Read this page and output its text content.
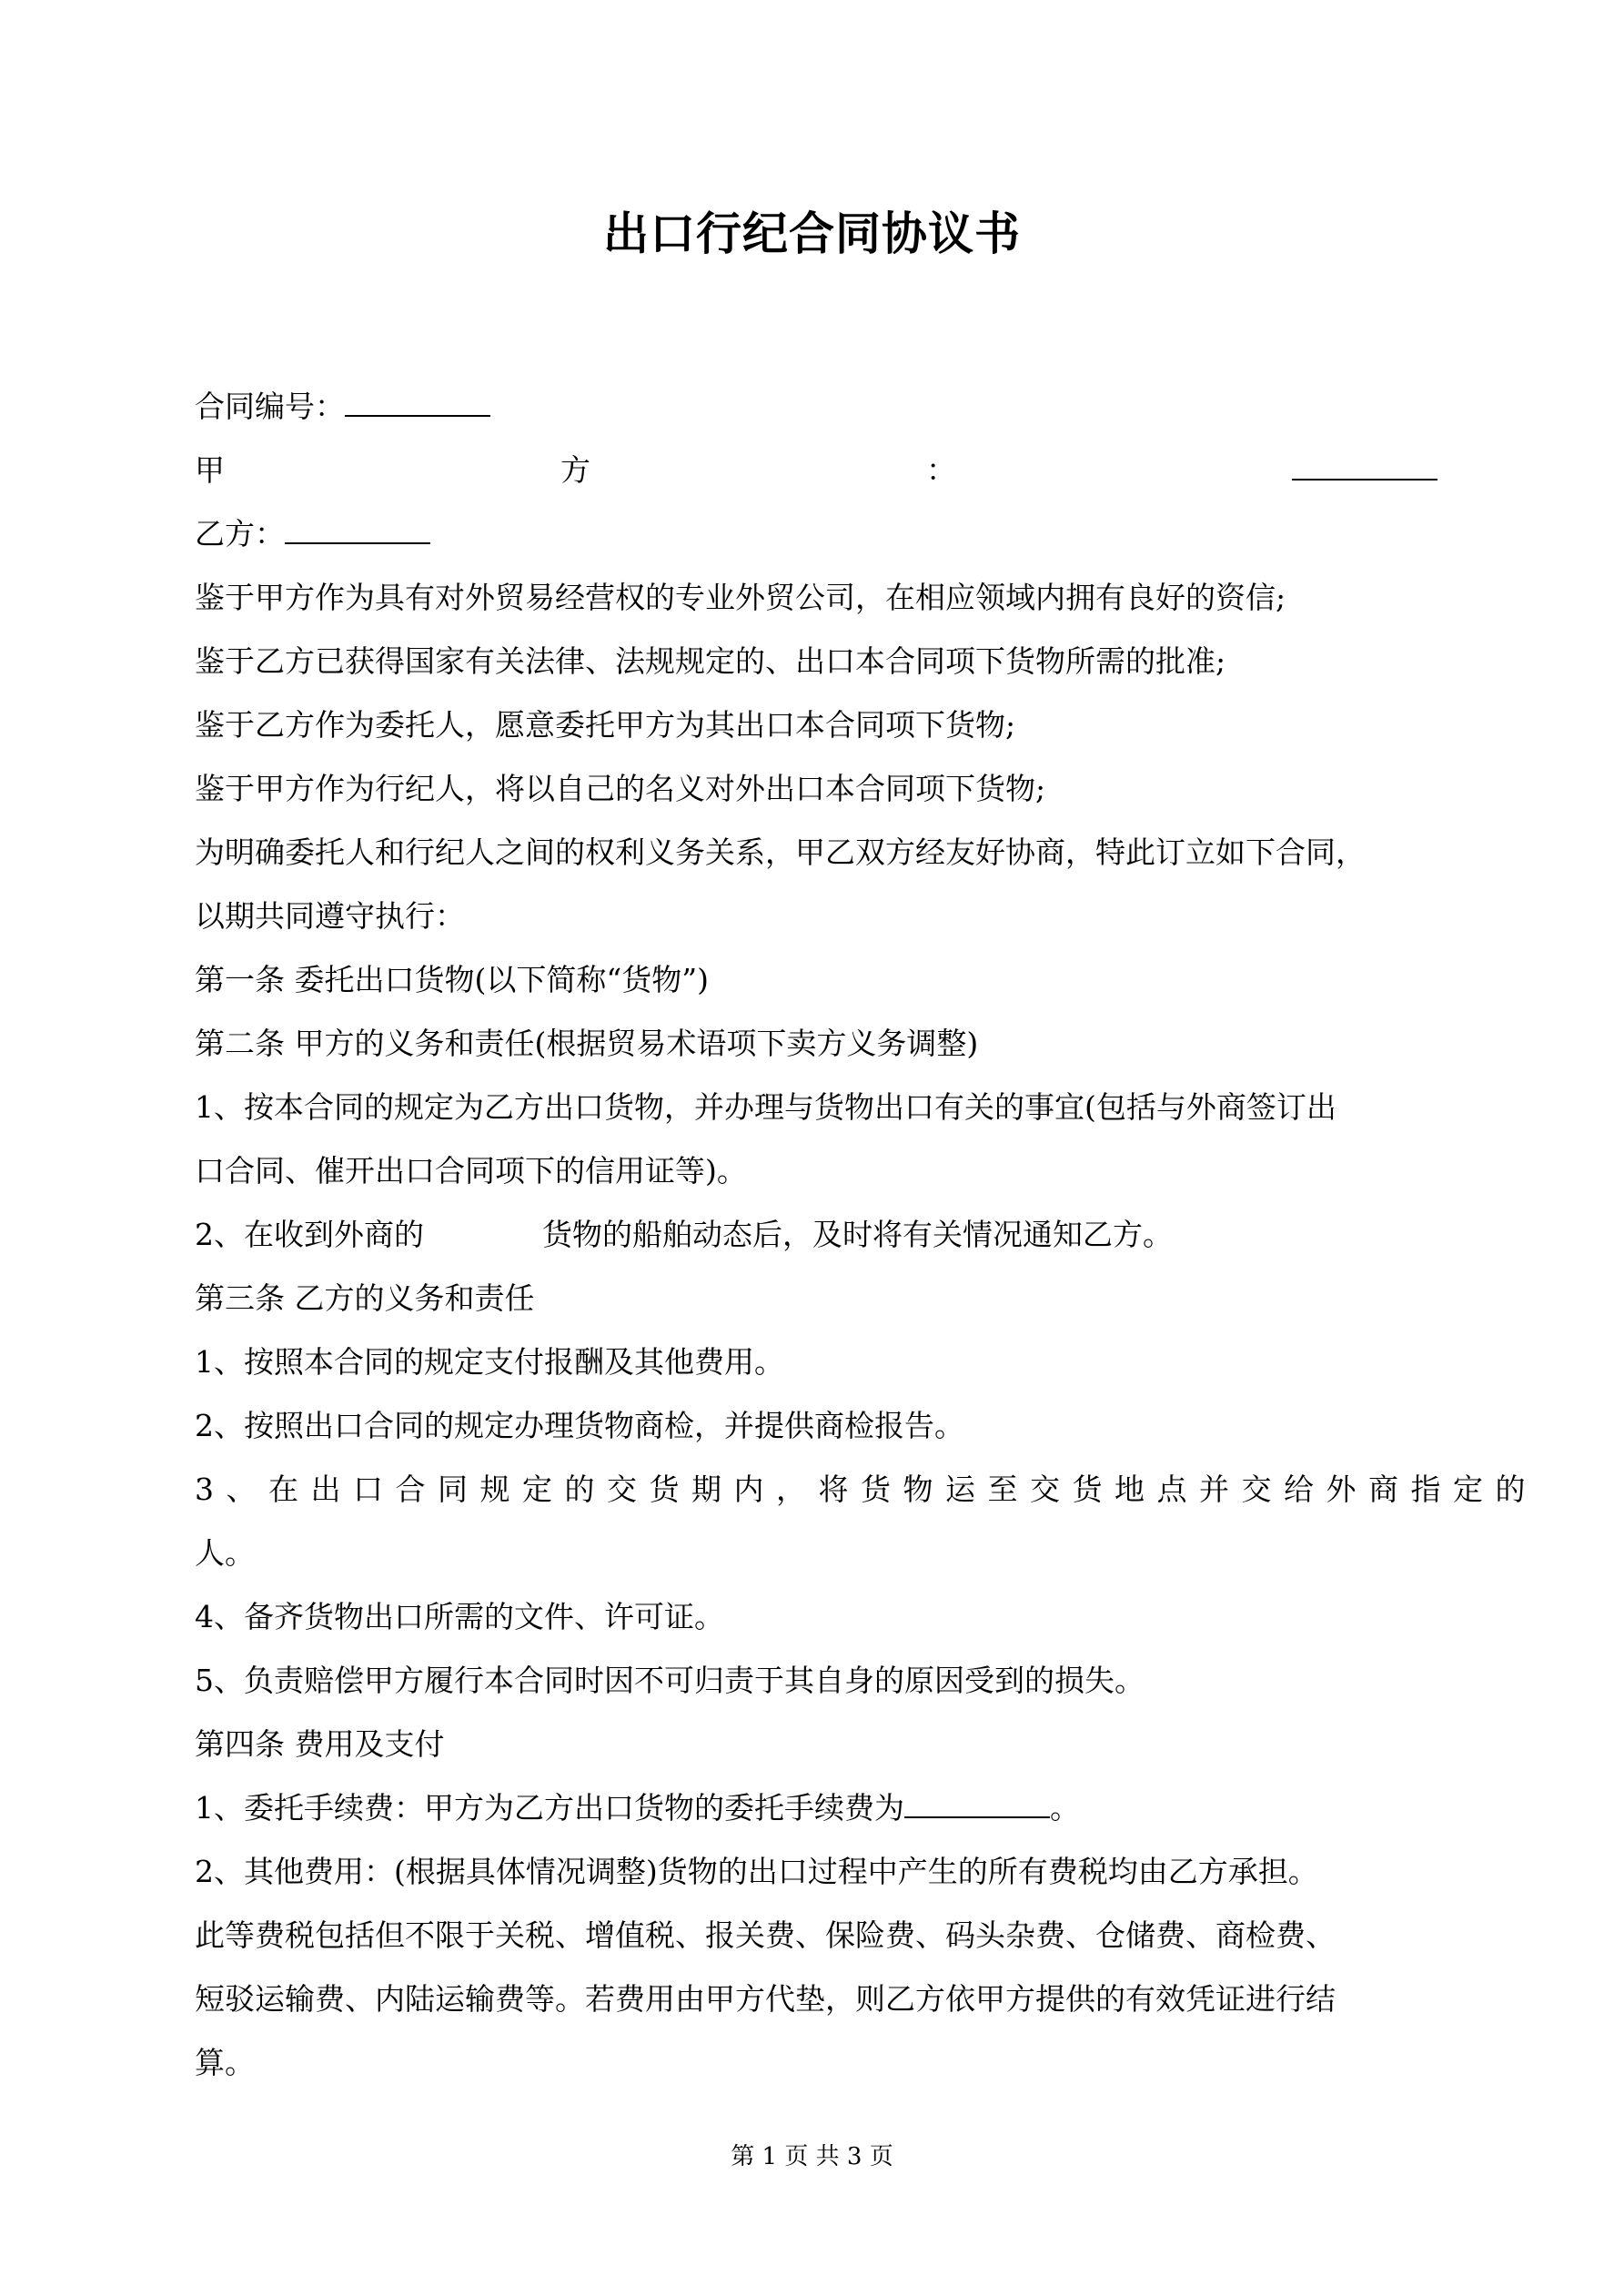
出口行纪合同协议书
合同编号：
甲	方	：
乙方：
鉴于甲方作为具有对外贸易经营权的专业外贸公司，在相应领域内拥有良好的资信;
鉴于乙方已获得国家有关法律、法规规定的、出口本合同项下货物所需的批准;
鉴于乙方作为委托人，愿意委托甲方为其出口本合同项下货物;
鉴于甲方作为行纪人，将以自己的名义对外出口本合同项下货物;
为明确委托人和行纪人之间的权利义务关系，甲乙双方经友好协商，特此订立如下合同，
以期共同遵守执行：
第一条 委托出口货物(以下简称“货物”)
第二条 甲方的义务和责任(根据贸易术语项下卖方义务调整)
1、按本合同的规定为乙方出口货物，并办理与货物出口有关的事宜(包括与外商签订出
口合同、催开出口合同项下的信用证等)。
2、在收到外商的	货物的船舶动态后，及时将有关情况通知乙方。
第三条 乙方的义务和责任
1、按照本合同的规定支付报酬及其他费用。
2、按照出口合同的规定办理货物商检，并提供商检报告。
3、在出口合同规定的交货期内，将货物运至交货地点并交给外商指定的
人。
4、备齐货物出口所需的文件、许可证。
5、负责赔偿甲方履行本合同时因不可归责于其自身的原因受到的损失。
第四条 费用及支付
1、委托手续费：甲方为乙方出口货物的委托手续费为	。
2、其他费用：(根据具体情况调整)货物的出口过程中产生的所有费税均由乙方承担。
此等费税包括但不限于关税、增值税、报关费、保险费、码头杂费、仓储费、商检费、
短驳运输费、内陆运输费等。若费用由甲方代垫，则乙方依甲方提供的有效凭证进行结
算。
第 1 页 共 3 页
